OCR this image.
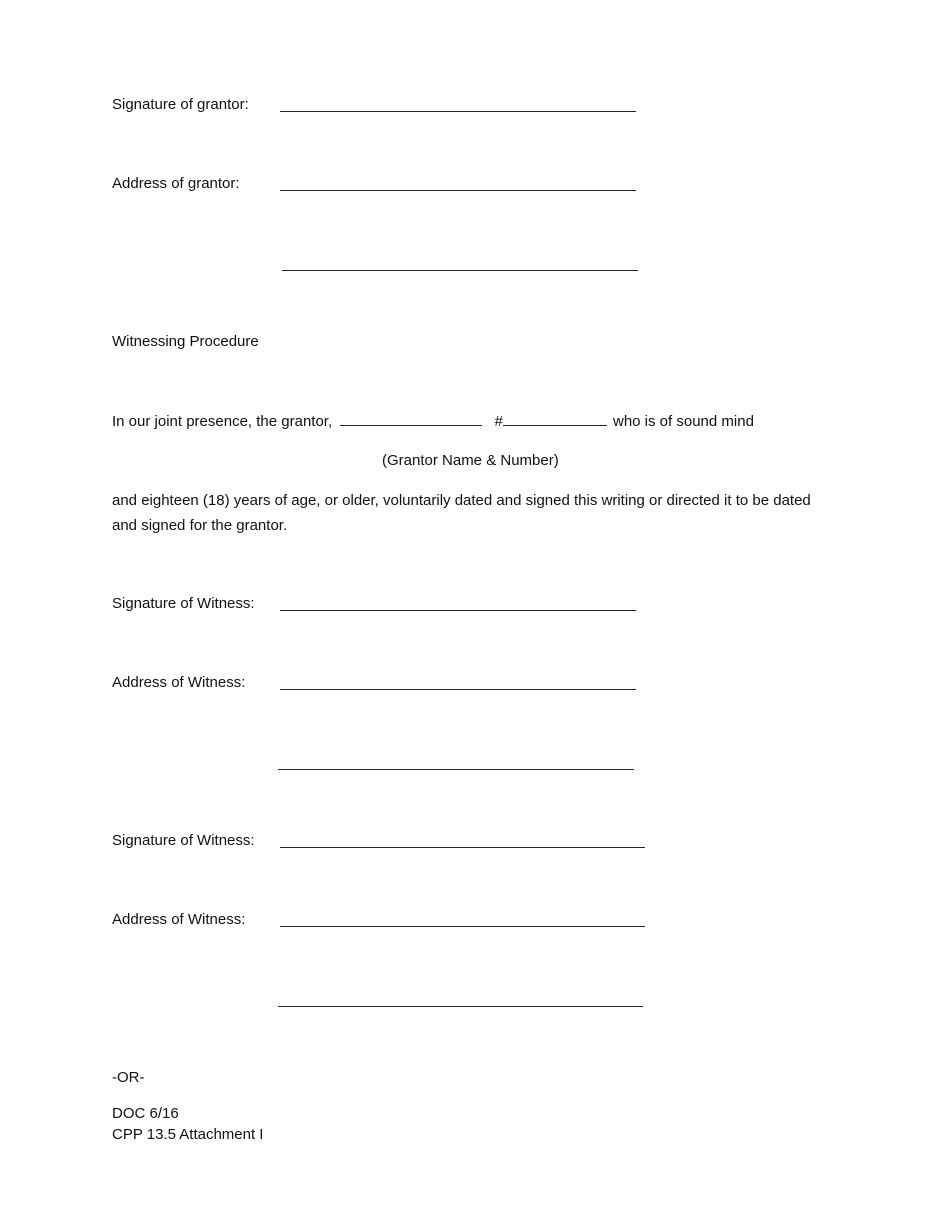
Signature of grantor:
Address of grantor:
Witnessing Procedure
In our joint presence, the grantor,	#	who is of sound mind
(Grantor Name & Number)
and eighteen (18) years of age, or older, voluntarily dated and signed this writing or directed it to be dated and signed for the grantor.
Signature of Witness:
Address of Witness:
Signature of Witness:
Address of Witness:
-OR-
DOC 6/16
CPP 13.5 Attachment I
